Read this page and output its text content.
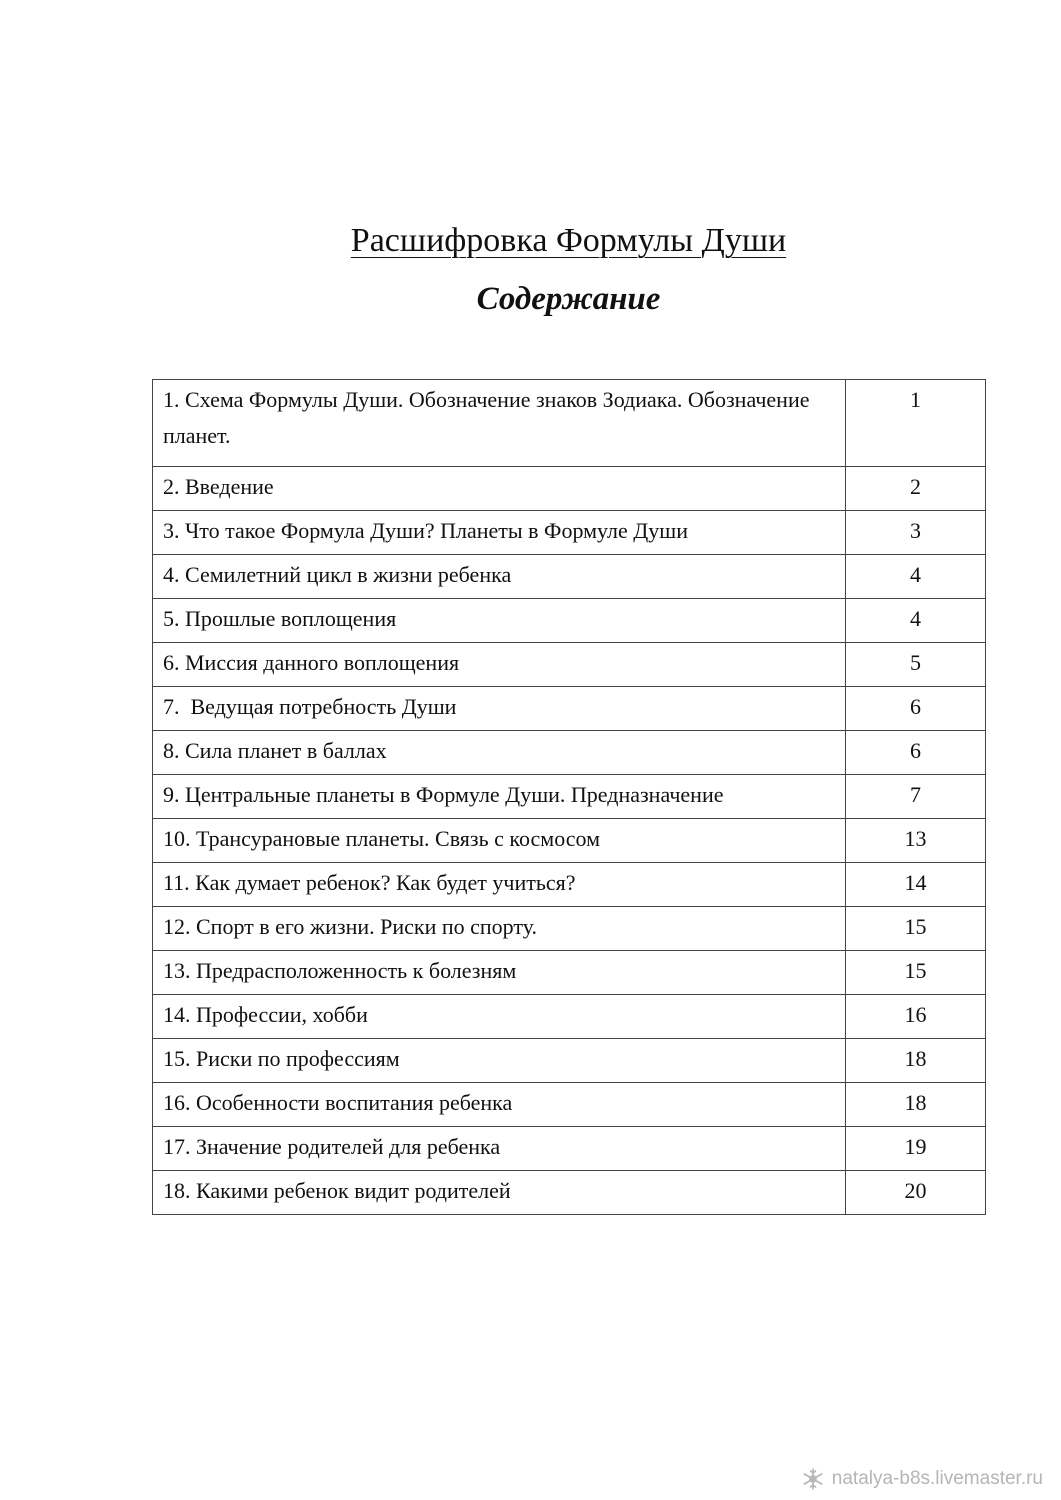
Расшифровка Формулы Души
Содержание
1. Схема Формулы Души. Обозначение знаков Зодиака. Обозначение планет.	1
2. Введение	2
3. Что такое Формула Души? Планеты в Формуле Души	3
4. Семилетний цикл в жизни ребенка	4
5. Прошлые воплощения	4
6. Миссия данного воплощения	5
7.  Ведущая потребность Души	6
8. Сила планет в баллах	6
9. Центральные планеты в Формуле Души. Предназначение	7
10. Трансурановые планеты. Связь с космосом	13
11. Как думает ребенок? Как будет учиться?	14
12. Спорт в его жизни. Риски по спорту.	15
13. Предрасположенность к болезням	15
14. Профессии, хобби	16
15. Риски по профессиям	18
16. Особенности воспитания ребенка	18
17. Значение родителей для ребенка	19
18. Какими ребенок видит родителей	20
natalya-b8s.livemaster.ru
